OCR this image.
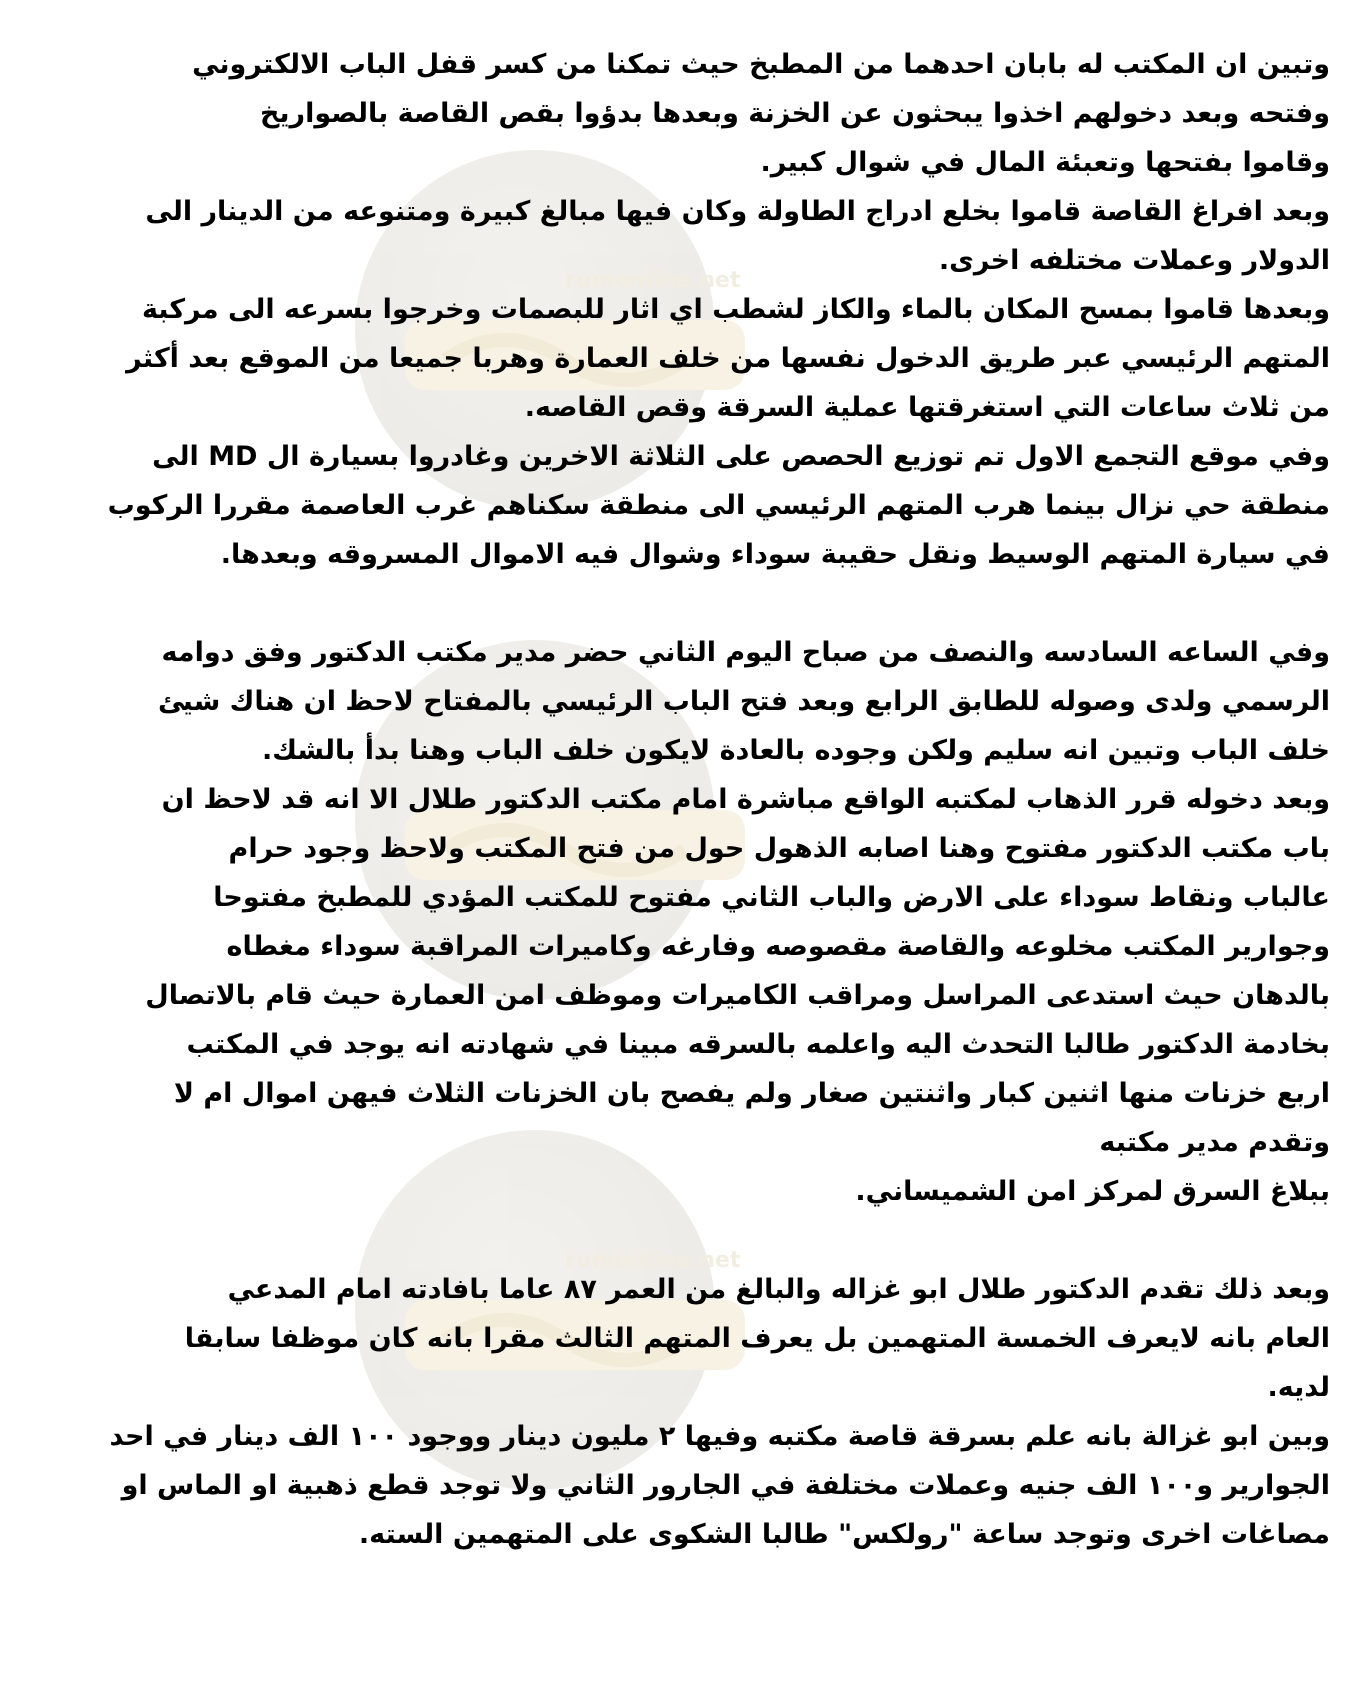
rumonline.net
rumonline.net
وتبين ان المكتب له بابان احدهما من المطبخ حيث تمكنا من كسر قفل الباب الالكتروني
وفتحه وبعد دخولهم اخذوا يبحثون عن الخزنة وبعدها بدؤوا بقص القاصة بالصواريخ
وقاموا بفتحها وتعبئة المال في شوال كبير.
وبعد افراغ القاصة قاموا بخلع ادراج الطاولة وكان فيها مبالغ كبيرة ومتنوعه من الدينار الى
الدولار وعملات مختلفه اخرى.
وبعدها قاموا بمسح المكان بالماء والكاز لشطب اي اثار للبصمات وخرجوا بسرعه الى مركبة
المتهم الرئيسي عبر طريق الدخول نفسها من خلف العمارة وهربا جميعا من الموقع بعد أكثر
من ثلاث ساعات التي استغرقتها عملية السرقة وقص القاصه.
وفي موقع التجمع الاول تم توزيع الحصص على الثلاثة الاخرين وغادروا بسيارة ال MD الى
منطقة حي نزال بينما هرب المتهم الرئيسي الى منطقة سكناهم غرب العاصمة مقررا الركوب
في سيارة المتهم الوسيط ونقل حقيبة سوداء وشوال فيه الاموال المسروقه وبعدها.
وفي الساعه السادسه والنصف من صباح اليوم الثاني حضر مدير مكتب الدكتور وفق دوامه
الرسمي ولدى وصوله للطابق الرابع وبعد فتح الباب الرئيسي بالمفتاح لاحظ ان هناك شيئ
خلف الباب وتبين انه سليم ولكن وجوده بالعادة لايكون خلف الباب وهنا بدأ بالشك.
وبعد دخوله قرر الذهاب لمكتبه الواقع مباشرة امام مكتب الدكتور طلال الا انه قد لاحظ ان
باب مكتب الدكتور مفتوح وهنا اصابه الذهول حول من فتح المكتب ولاحظ وجود حرام
عالباب ونقاط سوداء على الارض والباب الثاني مفتوح للمكتب المؤدي للمطبخ مفتوحا
وجوارير المكتب مخلوعه والقاصة مقصوصه وفارغه وكاميرات المراقبة سوداء مغطاه
بالدهان حيث استدعى المراسل ومراقب الكاميرات وموظف امن العمارة حيث قام بالاتصال
بخادمة الدكتور طالبا التحدث اليه واعلمه بالسرقه مبينا في شهادته انه يوجد في المكتب
اربع خزنات منها اثنين كبار واثنتين صغار ولم يفصح بان الخزنات الثلاث فيهن اموال ام لا
وتقدم مدير مكتبه
ببلاغ السرق لمركز امن الشميساني.
وبعد ذلك تقدم الدكتور طلال ابو غزاله والبالغ من العمر ٨٧ عاما بافادته امام المدعي
العام بانه لايعرف الخمسة المتهمين بل يعرف المتهم الثالث مقرا بانه كان موظفا سابقا
لديه.
وبين ابو غزالة بانه علم بسرقة قاصة مكتبه وفيها ٢ مليون دينار ووجود ١٠٠ الف دينار في احد
الجوارير و١٠٠ الف جنيه وعملات مختلفة في الجارور الثاني ولا توجد قطع ذهبية او الماس او
مصاغات اخرى وتوجد ساعة "رولكس" طالبا الشكوى على المتهمين السته.
